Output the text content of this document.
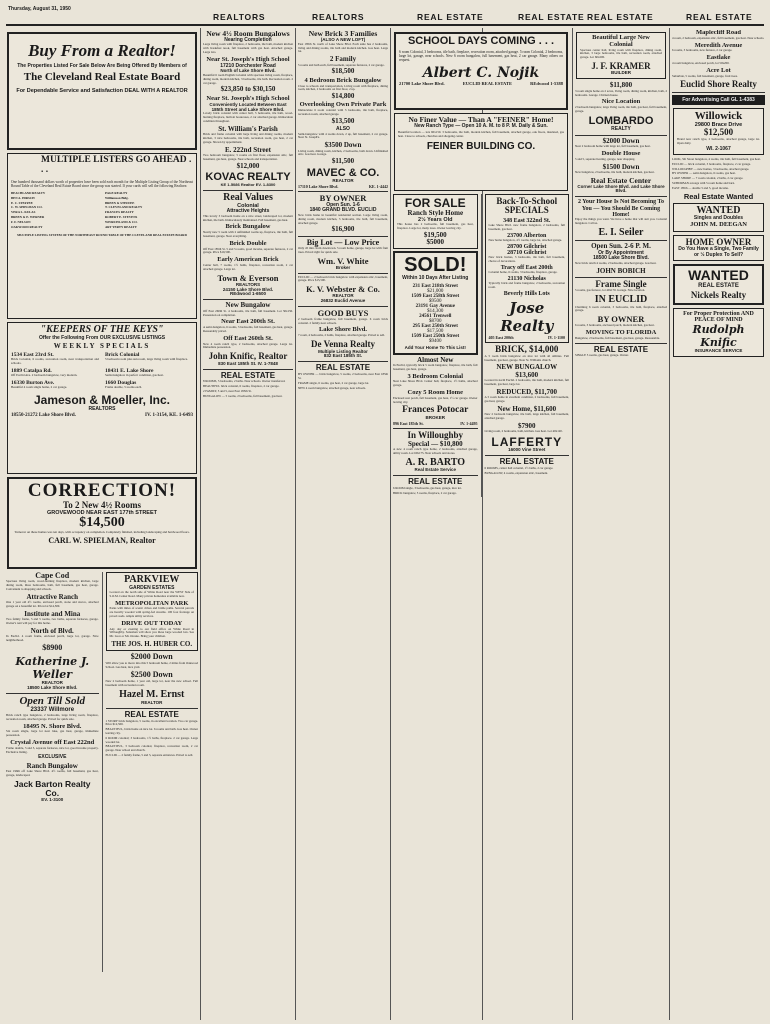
Thursday, August 31, 1950
REALTORS	REALTORS	REAL ESTATE	REAL ESTATE REAL ESTATE	REAL ESTATE
Buy From a Realtor!
The Properties Listed For Sale Below Are Being Offered By Members of
The Cleveland Real Estate Board
For Dependable Service and Satisfaction DEAL WITH A REALTOR
MULTIPLE LISTERS GO AHEAD . . .
One hundred thousand dollars worth of properties have been sold each month for the Multiple Listing Group of the Northeast Round Table of the Cleveland Real Estate Board since the group was started. If your cards will sell the following Realtors:
BEACHLAND REALTY	PAGE REALTY
BEN A. HIRSCH	Williamson Bldg.
E. C. STEFFEE	BREEN & STEFFEE
C. W. SPIELMAN CO.	T. CLEVELAND REALTY
VERA L. KULAS	FRANCES REALTY
BREEN & E. WERNER	ROBERT E. STEVENS
F. F. NELSON	WEIRCHLAND & CO.
OAKWOOD REALTY	ART YERTY REALTY
MULTIPLE LISTING SYSTEM OF THE NORTHEAST ROUND TABLE OF THE CLEVELAND REAL ESTATE BOARD
"KEEPERS OF THE KEYS"
Offer the Following From OUR EXCLUSIVE LISTINGS
WEEKLY SPECIALS
1534 East 23rd St.
Brick Colonial, 6 rooms, recreation room, near transportation and schools.
Brick Colonial
5 bedroom room plus sun room, large living room with fireplace.
1889 Catalpa Rd.
Off Euclid Ave. 2 bedroom bungalow, very modern.
18431 E. Lake Shore
Semi-bungalow in perfect condition, gas heat.
16330 Burton Ave.
Beautiful 4 room single home, 2 car garage.
1660 Douglas
Frame double, 5 rooms each.
Jameson & Moeller, Inc.
REALTORS
18550-21272 Lake Shore Blvd.	IV. 1-3154, KE. 1-6493
CORRECTION!
To 2 New 4½ Rooms
GROVEWOOD NEAR EAST 177th STREET
$14,500
Turnover on these homes was ten days, with occupancy on completion. Completely finished, including landscaping and hardwood floors.
CARL W. SPIELMAN, Realtor
Cape Cod

Spacious living room, wood-burning fireplace, modern kitchen, large dining room, three bedrooms, bath, full basement, gas heat, garage. Convenient to shopping and schools.

Attractive Ranch

One 1 year old 4½ rooms, enclosed porch, stone and stucco, attached garage on a beautiful lot. Priced at $14,500.

Institute and Mina

Two family frame, 5 and 5 rooms, two baths, separate furnaces, garage. Owner's rent will pay for this home.

North of Blvd.

In Euclid. 4 room frame, enclosed porch, large lot, garage. Nice neighborhood.

$8900
Katherine J. Weller
REALTOR
18500 Lake Shore Blvd.
Open Till Sold
23337 Willmore

Brick ranch type bungalow, 2 bedrooms, large living room, fireplace, recreation room, attached garage. Priced for quick sale.

18495 N. Shore Blvd.

Six room single, large lot near lake, gas heat, garage, immediate possession.

Crystal Avenue off East 222nd

Frame double, 5 and 5, separate furnaces, nice lot, good income property. Exclusive listing.

EXCLUSIVE
Ranch Bungalow

East 196th off Lake Shore Blvd. 4½ rooms, full basement, gas heat, garage, landscaped.

Jack Barton Realty Co.
EV. 1-3100
PARKVIEW
GARDEN ESTATES

Located on the north side of White Road near the WEST Side of S.O.M. Center Road. Many private homesites available now.

METROPOLITAN PARK

Parks with miles of scenic drives and bridle paths. Several parcels are heavily wooded with spring-fed streams. 100 foot frontage on paved roads. Ample utility services.

DRIVE OUT TODAY

Any day or evening to our field office on White Road in Willoughby. Salesmen will show you these large wooded lots. See Mr. Luce or Mr. Oresko. Bring your children.

THE JOS. H. HUBER CO.
$2000 Down

Will allow you to move into this 5 bedroom home, 2 miles from Oakwood School. Gas heat, nice yard.

$2500 Down

New 2 bedroom home, 1 year old, large lot, near the new school. Full basement with recreation room.

Hazel M. Ernst
REALTOR
REAL ESTATE

1 STORY brick bungalow, 5 rooms, in excellent location. Two car garage. Price $12,500.

BEAUTIFUL, brick home on nice lot. 6 rooms and bath. Gas heat. Owner leaving city.

6 ROOM colonial; 3 bedrooms, 1½ baths, fireplace. 2 car garage. Large wooded lot.

BEAUTIFUL, 3 bedroom colonial, fireplace, recreation room, 2 car garage. Near school and church.

EUCLID — 2 family frame, 5 and 5, separate entrances. Priced to sell.

New 4½ Room Bungalows
Nearing Completion

Large living room with fireplace, 2 bedrooms, tile bath, modern kitchen with breakfast nook, full basement with gas heat. Attached garage. Large lots.

Near St. Joseph's High School
17210 Dorchester Road
North of Lake Shore Blvd.

Beautiful 6 room English Colonial with spacious living room, fireplace, dining room, modern kitchen, 3 bedrooms, tile bath. Recreation room. 2 car garage.

$23,850 to $30,150
Near St. Joseph's High School
Conveniently Located Between East 185th Street and Lake Shore Blvd.

Lovely brick colonial with center hall, 3 bedrooms, tile bath, wood-burning fireplace, built-in bookcases, 2 car attached garage. Immaculate condition throughout.

St. William's Parish

Brick and frame colonial with large living and dining rooms, modern kitchen, 3 nice bedrooms, tile bath, recreation room, gas heat, 2 car garage. Shown by appointment.

E. 222nd Street

Two bedroom bungalow, 5 rooms on first floor, expansion attic, full basement, gas heat, garage. Near schools and transportation.

$12,000
KOVAC REALTY
KE 1-5086 Realtor EV. 1-8300
Real Values
Colonial
Attractive Heights

This lovely 3 bedroom home on a nice street, landscaped lot, modern kitchen, tile bath. Immaculately maintained. Full basement, gas heat.

Brick Bungalow

Nearly new 5 room with 2 unfinished rooms up, fireplace, tile bath, full basement, garage. Near everything.

Brick Double

Off East 185th St. 5 and 5 rooms, good income, separate furnaces, 2 car garage. Price $19,500.

Early American Brick

Center hall, 7 rooms, 1½ baths, fireplace, recreation room, 2 car attached garage. Large lot.

Town & Everson
REALTORS
24150 Lake Shore Blvd.
REdwood 1-6500
New Bungalow

Off East 260th St. 4 bedrooms, tile bath, full basement. Lot 50x150. Possession on completion.

Near East 200th St.

A semi-bungalow, 6 rooms, 3 bedrooms, full basement, gas heat, garage. Reasonably priced.

Off East 260th St.

New 4 room ranch type, 2 bedrooms, attached garage. Large lot. Immediate possession.

John Knific, Realtor
830 East 185th St. IV. 1-7848
REAL ESTATE

8 ROOMS, 5 bedrooms, 2 baths. Near schools. Owner transferred.

BEAUTIFUL brick colonial, 6 rooms, fireplace, 2 car garage.

2 FAMILY, 5 and 5, near East 185th St.

BUNGALOW — 5 rooms, 2 bedrooms, full basement, gas heat.

New Brick 3 Families
(ALSO A NEW LOFT)

East 185th St. north of Lake Shore Blvd. Each suite has 2 bedrooms, living and dining rooms, tile bath and modern kitchen. Gas heat. Large lot.

2 Family

5 rooms and bath each, full basement, separate furnaces, 2 car garage.

$18,500
4 Bedroom Brick Bungalow

Close to schools and transportation. Living room with fireplace, dining room, kitchen, 2 bedrooms on first floor, 2 up.

$14,800
Overlooking Own Private Park

Immaculate 6 room colonial with 3 bedrooms, tile bath, fireplace, recreation room, attached garage.

$13,500
ALSO

Semi-bungalow with 4 rooms down, 2 up, full basement, 2 car garage. Near St. Joseph's.

$3500 Down

Living room, dining room, kitchen, 2 bedrooms, bath down. Unfinished attic. Gas heat. Garage.

$11,500
MAVEC & CO.
REALTOR
17110 Lake Shore Blvd.	KE. 1-4442
BY OWNER
Open Sun. 1-6
1840 GRAND BLVD. EUCLID

New brick home in beautiful residential section. Large living room, dining room, modern kitchen, 3 bedrooms, tile bath, full basement, attached garage.

$16,900
Big Lot — Low Price

Only 45 min. from downtown. 5 room home, garage, large lot with fruit trees. Priced right for quick sale.

Wm. V. White
Broker

EUCLID — 2 bedroom brick bungalow with expansion attic, basement, garage. Price $15,500.

K. V. Webster & Co.
REALTOR
26832 Euclid Avenue
GOOD BUYS

2 bedroom frame bungalow, full basement, garage. 6 room brick colonial. 2 family near schools.

Lake Shore Blvd.

7 room, 4 bedrooms, 2 baths, fireplace, attached garage. Priced to sell.

De Venna Realty
Multiple Listing Realtor
832 East 185th St.
REAL ESTATE

BY OWNER — brick bungalow, 5 rooms, 2 bedrooms, near East 185th St.

FRAME single, 6 rooms, gas heat, 2 car garage, large lot.

NEW 4 room bungalow, attached garage, near schools.

SCHOOL DAYS COMING . . .

6 room Colonial, 3 bedrooms, tile bath, fireplace, recreation room, attached garage. 5 room Colonial, 2 bedrooms, large lot, garage, near schools. New 6 room bungalow, full basement, gas heat, 2 car garage. Many others on request.

Albert C. Nojik
21700 Lake Shore Blvd.	EUCLID REAL ESTATE	REdwood 1-5388
No Finer Value — Than A "FEINER" Home!
New Ranch Type — Open 10 A. M. to 8 P. M. Daily & Sun.

Beautiful location — lots 60x150. 3 bedrooms, tile bath, modern kitchen, full basement, attached garage, oak floors, insulated, gas heat. Close to schools, churches and shopping center.

FEINER BUILDING CO.
FOR SALE
Ranch Style Home
2½ Years Old

This house has 2 bedrooms, full basement, gas heat, fireplace. Large lot, many trees. Owner leaving city.

$19,500
$5000
SOLD!
Within 10 Days After Listing
231 East 218th Street
$21,000
1509 East 258th Street
$9500
23191 Gay Avenue
$14,300
24561 Trenwell
$8700
295 East 250th Street
$17,500
1509 East 250th Street
$9400
Add Your Home To This List!
Almost New

In Euclid, typically brick 5 room bungalow, fireplace, tile bath, full basement, gas heat, garage.

3 Bedroom Colonial

Near Lake Shore Blvd. Center hall, fireplace, 1½ baths, attached garage.

Cozy 5 Room Home

Enclosed rear porch, full basement, gas heat, 1½ car garage. Owner leaving city.

Frances Potocar
BROKER
896 East 185th St.	IV. 1-4495
In Willoughby
Special — $10,800

A new 4 room ranch type home, 2 bedrooms, attached garage, utility room. Lot 60x175. Near schools and stores.

A. R. BARTO
Real Estate Service
REAL ESTATE

6 ROOM single, 3 bedrooms, gas heat, garage, nice lot.

BRICK bungalow, 5 rooms, fireplace, 2 car garage.

Back-To-School SPECIALS
348 East 322nd St.

Lake Shore Blvd. new frame bungalow, 2 bedrooms, full basement, gas heat.

23700 Alberton

New home bungalow, 4½ rooms, large lot, attached garage.

28700 Gilchrist
28710 Gilchrist

New brick homes, 3 bedrooms, tile bath, full basement, choice of decorations.

Tracy off East 200th

Colonial home, 6 rooms, 3 bedrooms, fireplace, garage.

21130 Nicholas

Typically brick and frame bungalow, 2 bedrooms, recreation room.

Beverly Hills Lots
Jose Realty
405 East 200th	IV. 1-1100
BRICK, $14,000

A 5 room brick bungalow on nice lot with all utilities. Full basement, gas heat, garage. Near St. Williams church.

NEW BUNGALOW
$13,600

Located in north Euclid. 2 bedrooms, tile bath, modern kitchen, full basement, gas heat, large lot.

REDUCED, $11,700

A 5 room home in excellent condition, 2 bedrooms, full basement, gas heat, garage.

New Home, $11,600

New 2 bedroom bungalow, tile bath, large kitchen, full basement, attached garage.

$7900

Living room, 2 bedrooms, bath, kitchen. Gas heat. Lot 40x120.

LAFFERTY
16000 Vine Street
REAL ESTATE

6 ROOMS, center hall colonial, 1½ baths, 2 car garage.

BUNGALOW, 4 rooms, expansion attic, basement.

Beautiful Large New Colonial

Spacious center hall, living room with fireplace, dining room, kitchen, 3 large bedrooms, tile bath, recreation room, attached garage. Lot 60x200.

J. F. KRAMER
BUILDER
$11,800

3 room single home on 2 acres, living room, dining room, kitchen, bath, 2 bedrooms. Garage. Chicken house.

Nice Location

2 bedroom bungalow, large living room, tile bath, gas heat, full basement, garage.

LOMBARDO
REALTY
$2000 Down

Near 2 bedroom home with large lot, full basement, gas heat.

Double House

5 and 5, separate heating, garage, near shopping.

$1500 Down

New bungalow, 2 bedrooms, tile bath, modern kitchen, gas heat.

Real Estate Center
Corner Lake Shore Blvd. and Lake Shore Blvd.
2 Your House Is Not Becoming To You — You Should Be Coming Home!

Enjoy the things you want. We have a home that will suit you. Colonial bungalow. Call us.

E. I. Seiler
Open Sun. 2-6 P. M.
Or By Appointment
18500 Lake Shore Blvd.

New brick ranch 4 rooms, 2 bedrooms, attached garage. Gas heat.

JOHN BOBICH
Frame Single

5 rooms, gas furnace, lot 40x170. Garage. Nice location.

IN EUCLID

Charming 6 room colonial, 3 bedrooms, tile bath, fireplace, attached garage.

BY OWNER

6 rooms, 3 bedrooms, enclosed porch, modern kitchen, gas heat.

MOVING TO FLORIDA

Bungalow, 2 bedrooms, full basement, gas heat, garage. Reasonable.

REAL ESTATE

SINGLE 5 rooms, gas heat, garage. Owner.

Maplecliff Road

4 room, 2 bedroom, expansion attic, full basement, gas heat. Near schools.

Meredith Avenue

6 rooms, 3 bedrooms, new furnace, 2 car garage.

Eastlake

4 room bungalow, enclosed porch, lot 50x200.

Acre Lot

Suburban, 5 rooms, full basement, garage, fruit trees.

Euclid Shore Realty
For Advertising Call GL 1-4383
Willowick
29800 Brace Drive
$12,500

Brand new ranch type, 2 bedrooms, attached garage, large lot. Open daily.

WI. 2-1067

LOOK, 5th Street bungalow, 4 rooms, tile bath, full basement, gas heat.

EUCLID — brick colonial, 3 bedrooms, fireplace, 2 car garage.

WILLOUGHBY — new homes, 3 bedrooms, attached garage.

BY OWNER — semi-bungalow, 6 rooms, gas heat.

LAKE SHORE — 7 room colonial, 2 baths, 2 car garage.

SUBURBAN acreage with 5 room home and barn.

EAST 185th — double 5 and 5, good income.

Real Estate Wanted
WANTED
Singles and Doubles
JOHN M. DEEGAN
HOME OWNER
Do You Have a Single, Two Family or ½ Duplex To Sell?
WANTED
REAL ESTATE
Nickels Realty
For Proper Protection AND PEACE OF MIND
Rudolph Knific
INSURANCE SERVICE
